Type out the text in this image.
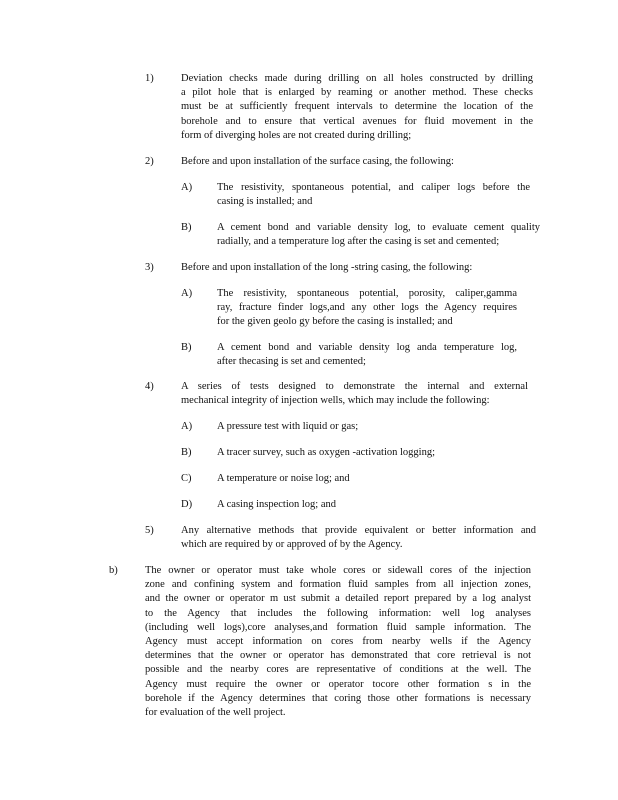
1)	Deviation checks made during drilling on all holes constructed by drilling
a pilot hole that is enlarged by reaming or another method. These checks
must be at sufficiently frequent intervals to determine the location of the
borehole and to ensure that vertical avenues for fluid movement in the
form of diverging holes are not created during drilling;
2)	Before and upon installation of the surface casing, the following:
A) The resistivity, spontaneous potential, and caliper logs before the
casing is installed; and
B) A cement bond and variable density log, to evaluate cement quality
radially, and a temperature log after the casing is set and cemented;
3)	Before and upon installation of the long -string casing, the following:
A) The resistivity, spontaneous potential, porosity, caliper,gamma
ray, fracture finder logs,and any other logs the Agency requires
for the given geolo gy before the casing is installed; and
B) A cement bond and variable density log anda temperature log,
after thecasing is set and cemented;
4)	A series of tests designed to demonstrate the internal and external
mechanical integrity of injection wells, which may include the following:
A) A pressure test with liquid or gas;
B) A tracer survey, such as oxygen -activation logging;
C) A temperature or noise log; and
D) A casing inspection log; and
5)	Any alternative methods that provide equivalent or better information and
which are required by or approved of by the Agency.
b)	The owner or operator must take whole cores or sidewall cores of the injection
zone and confining system and formation fluid samples from all injection zones,
and the owner or operator m ust submit a detailed report prepared by a log analyst
to the Agency that includes the following information: well log analyses
(including well logs),core analyses,and formation fluid sample information. The
Agency must accept information on cores from nearby wells if the Agency
determines that the owner or operator has demonstrated that core retrieval is not
possible and the nearby cores are representative of conditions at the well. The
Agency must require the owner or operator tocore other formation s in the
borehole if the Agency determines that coring those other formations is necessary
for evaluation of the well project.
